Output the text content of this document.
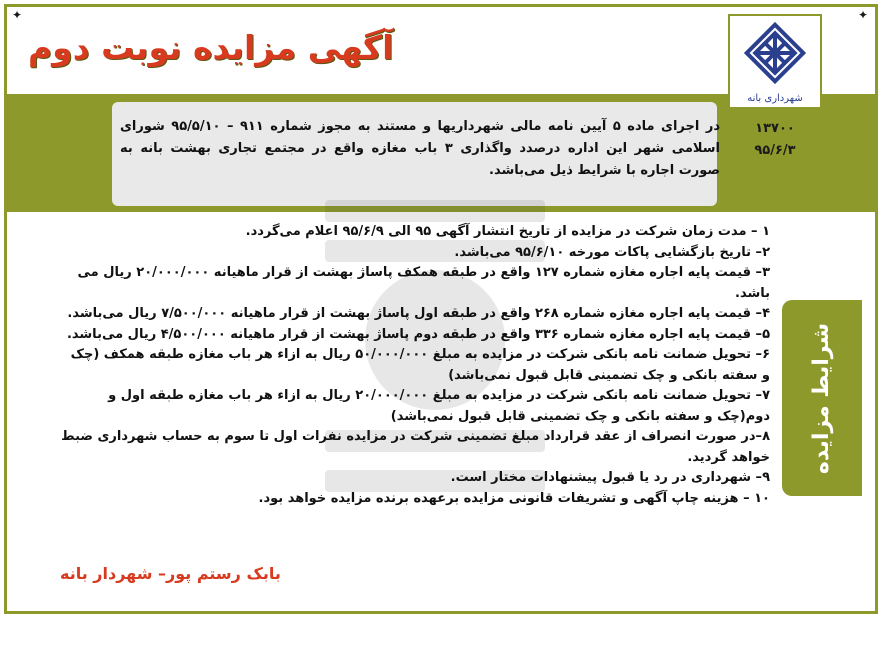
✦	✦
آگهی مزایده نوبت دوم
شهرداری بانه
در اجرای ماده ۵ آیین نامه مالی شهرداریها و مستند به مجوز شماره ۹۱۱ – ۹۵/۵/۱۰ شورای اسلامی شهر این اداره درصدد واگذاری ۳ باب مغازه واقع در مجتمع تجاری بهشت بانه به صورت اجاره با شرایط ذیل می‌باشد.
۱۳۷۰۰
۹۵/۶/۳

۱ – مدت زمان شرکت در مزایده از تاریخ انتشار آگهی ۹۵ الی ۹۵/۶/۹ اعلام می‌گردد.

۲– تاریخ بازگشایی پاکات مورخه ۹۵/۶/۱۰ می‌باشد.

۳– قیمت پایه اجاره مغازه شماره ۱۲۷ واقع در طبقه همکف پاساژ بهشت از قرار ماهیانه ۲۰/۰۰۰/۰۰۰ ریال می باشد.

۴– قیمت پایه اجاره مغازه شماره ۲۶۸ واقع در طبقه اول پاساژ بهشت از قرار ماهیانه ۷/۵۰۰/۰۰۰ ریال می‌باشد.

۵– قیمت پایه اجاره مغازه شماره ۳۳۶ واقع در طبقه دوم پاساژ بهشت از قرار ماهیانه ۴/۵۰۰/۰۰۰ ریال می‌باشد.

۶– تحویل ضمانت نامه بانکی شرکت در مزایده به مبلغ ۵۰/۰۰۰/۰۰۰ ریال به ازاء هر باب مغازه طبقه همکف (چک و سفته بانکی و چک تضمینی قابل قبول نمی‌باشد)

۷– تحویل ضمانت نامه بانکی شرکت در مزایده به مبلغ ۲۰/۰۰۰/۰۰۰ ریال به ازاء هر باب مغازه طبقه اول و دوم(چک و سفته بانکی و چک تضمینی قابل قبول نمی‌باشد)

۸–در صورت انصراف از عقد قرارداد مبلغ تضمینی شرکت در مزایده نفرات اول تا سوم به حساب شهرداری ضبط خواهد گردید.

۹– شهرداری در رد یا قبول پیشنهادات مختار است.

۱۰ – هزینه چاپ آگهی و تشریفات قانونی مزایده برعهده برنده مزایده خواهد بود.

شرایط مزایده
بابک رستم پور– شهردار بانه
